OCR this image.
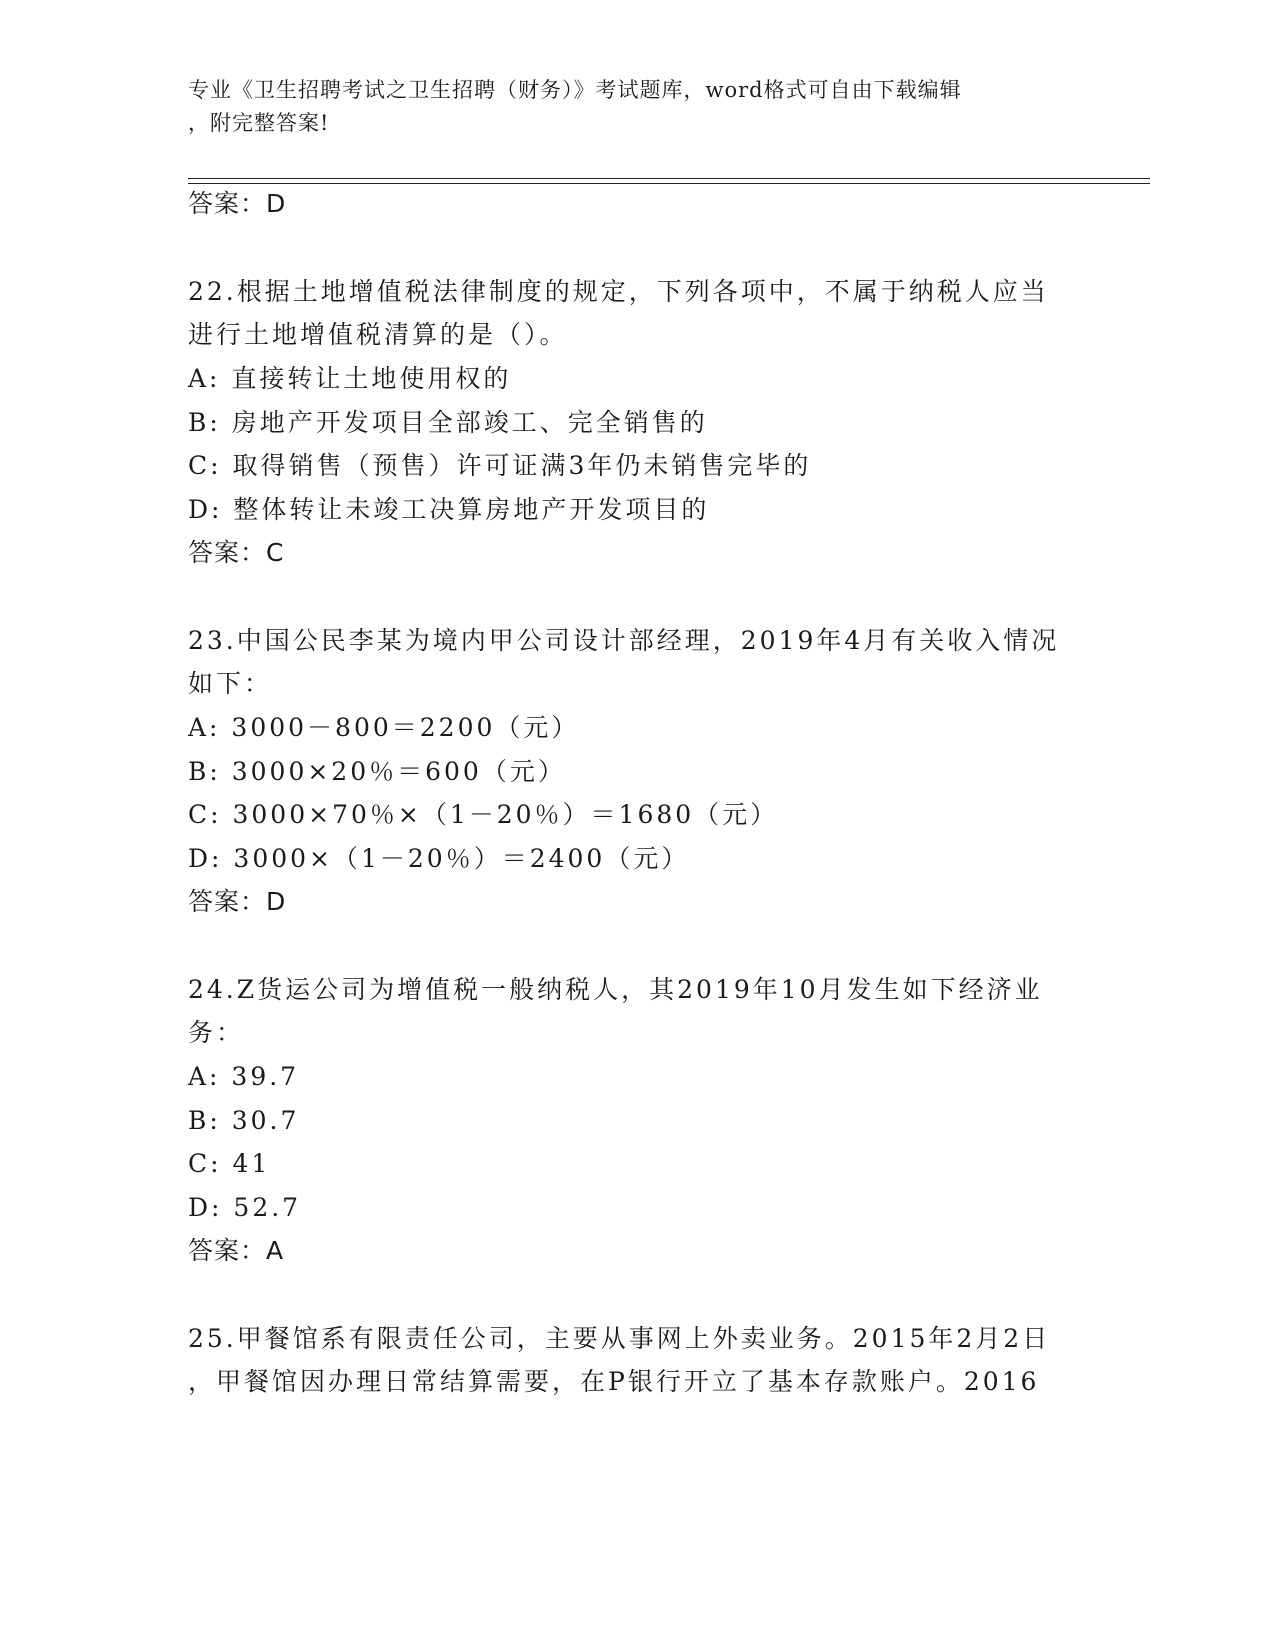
专业《卫生招聘考试之卫生招聘（财务）》考试题库，word格式可自由下载编辑
，附完整答案!
答案：D
22.根据土地增值税法律制度的规定，下列各项中，不属于纳税人应当
进行土地增值税清算的是（）。
A: 直接转让土地使用权的
B: 房地产开发项目全部竣工、完全销售的
C: 取得销售（预售）许可证满3年仍未销售完毕的
D: 整体转让未竣工决算房地产开发项目的
答案：C
23.中国公民李某为境内甲公司设计部经理，2019年4月有关收入情况
如下：
A: 3000－800＝2200（元）
B: 3000×20％＝600（元）
C: 3000×70％×（1－20％）＝1680（元）
D: 3000×（1－20％）＝2400（元）
答案：D
24.Z货运公司为增值税一般纳税人，其2019年10月发生如下经济业
务：
A: 39.7
B: 30.7
C: 41
D: 52.7
答案：A
25.甲餐馆系有限责任公司，主要从事网上外卖业务。2015年2月2日
，甲餐馆因办理日常结算需要，在P银行开立了基本存款账户。2016
